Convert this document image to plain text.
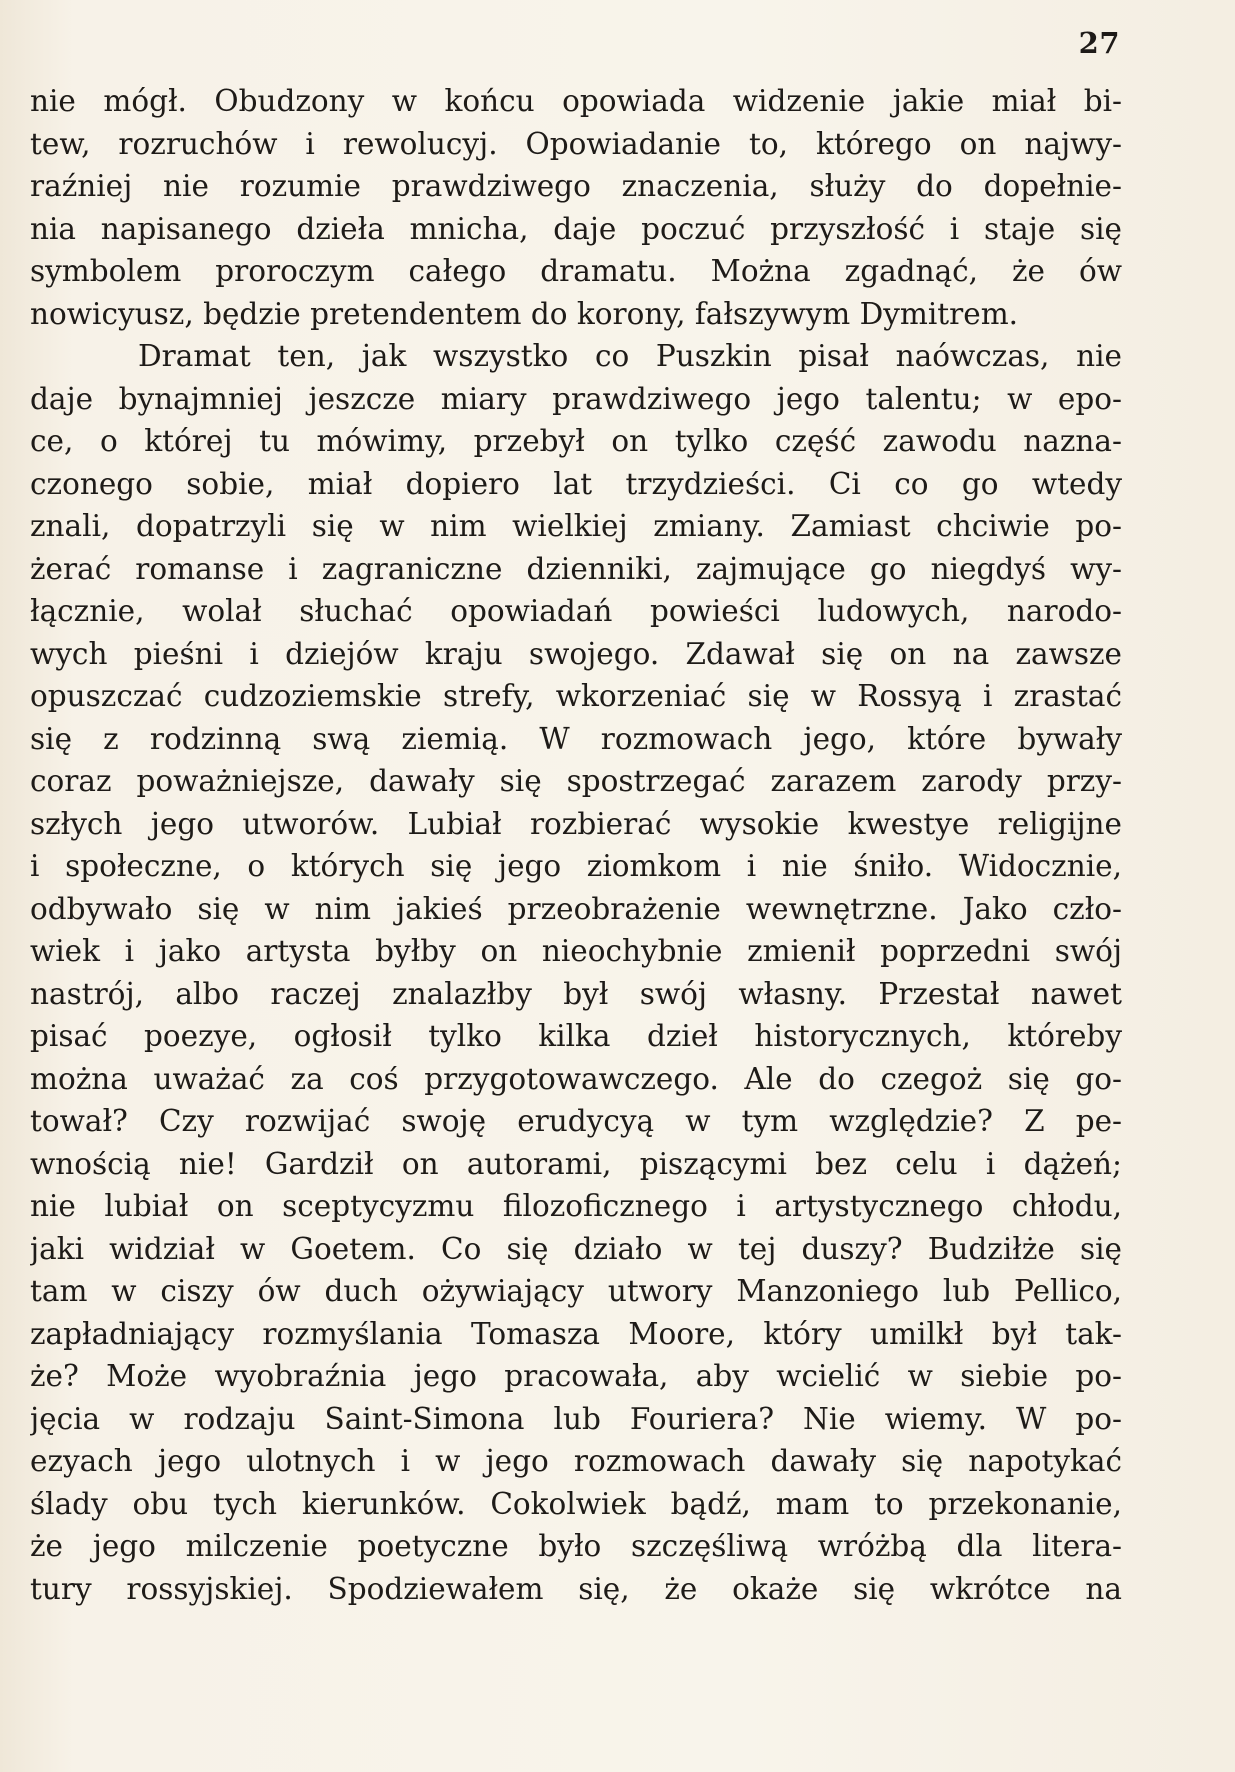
27
nie mógł. Obudzony w końcu opowiada widzenie jakie miał bi-
tew, rozruchów i rewolucyj. Opowiadanie to, którego on najwy-
raźniej nie rozumie prawdziwego znaczenia, służy do dopełnie-
nia napisanego dzieła mnicha, daje poczuć przyszłość i staje się
symbolem proroczym całego dramatu. Można zgadnąć, że ów
nowicyusz, będzie pretendentem do korony, fałszywym Dymitrem.
Dramat ten, jak wszystko co Puszkin pisał naówczas, nie
daje bynajmniej jeszcze miary prawdziwego jego talentu; w epo-
ce, o której tu mówimy, przebył on tylko część zawodu nazna-
czonego sobie, miał dopiero lat trzydzieści. Ci co go wtedy
znali, dopatrzyli się w nim wielkiej zmiany. Zamiast chciwie po-
żerać romanse i zagraniczne dzienniki, zajmujące go niegdyś wy-
łącznie, wolał słuchać opowiadań powieści ludowych, narodo-
wych pieśni i dziejów kraju swojego. Zdawał się on na zawsze
opuszczać cudzoziemskie strefy, wkorzeniać się w Rossyą i zrastać
się z rodzinną swą ziemią. W rozmowach jego, które bywały
coraz poważniejsze, dawały się spostrzegać zarazem zarody przy-
szłych jego utworów. Lubiał rozbierać wysokie kwestye religijne
i społeczne, o których się jego ziomkom i nie śniło. Widocznie,
odbywało się w nim jakieś przeobrażenie wewnętrzne. Jako czło-
wiek i jako artysta byłby on nieochybnie zmienił poprzedni swój
nastrój, albo raczej znalazłby był swój własny. Przestał nawet
pisać poezye, ogłosił tylko kilka dzieł historycznych, któreby
można uważać za coś przygotowawczego. Ale do czegoż się go-
tował? Czy rozwijać swoję erudycyą w tym względzie? Z pe-
wnością nie! Gardził on autorami, piszącymi bez celu i dążeń;
nie lubiał on sceptycyzmu filozoficznego i artystycznego chłodu,
jaki widział w Goetem. Co się działo w tej duszy? Budziłże się
tam w ciszy ów duch ożywiający utwory Manzoniego lub Pellico,
zapładniający rozmyślania Tomasza Moore, który umilkł był tak-
że? Może wyobraźnia jego pracowała, aby wcielić w siebie po-
jęcia w rodzaju Saint-Simona lub Fouriera? Nie wiemy. W po-
ezyach jego ulotnych i w jego rozmowach dawały się napotykać
ślady obu tych kierunków. Cokolwiek bądź, mam to przekonanie,
że jego milczenie poetyczne było szczęśliwą wróżbą dla litera-
tury rossyjskiej. Spodziewałem się, że okaże się wkrótce na
